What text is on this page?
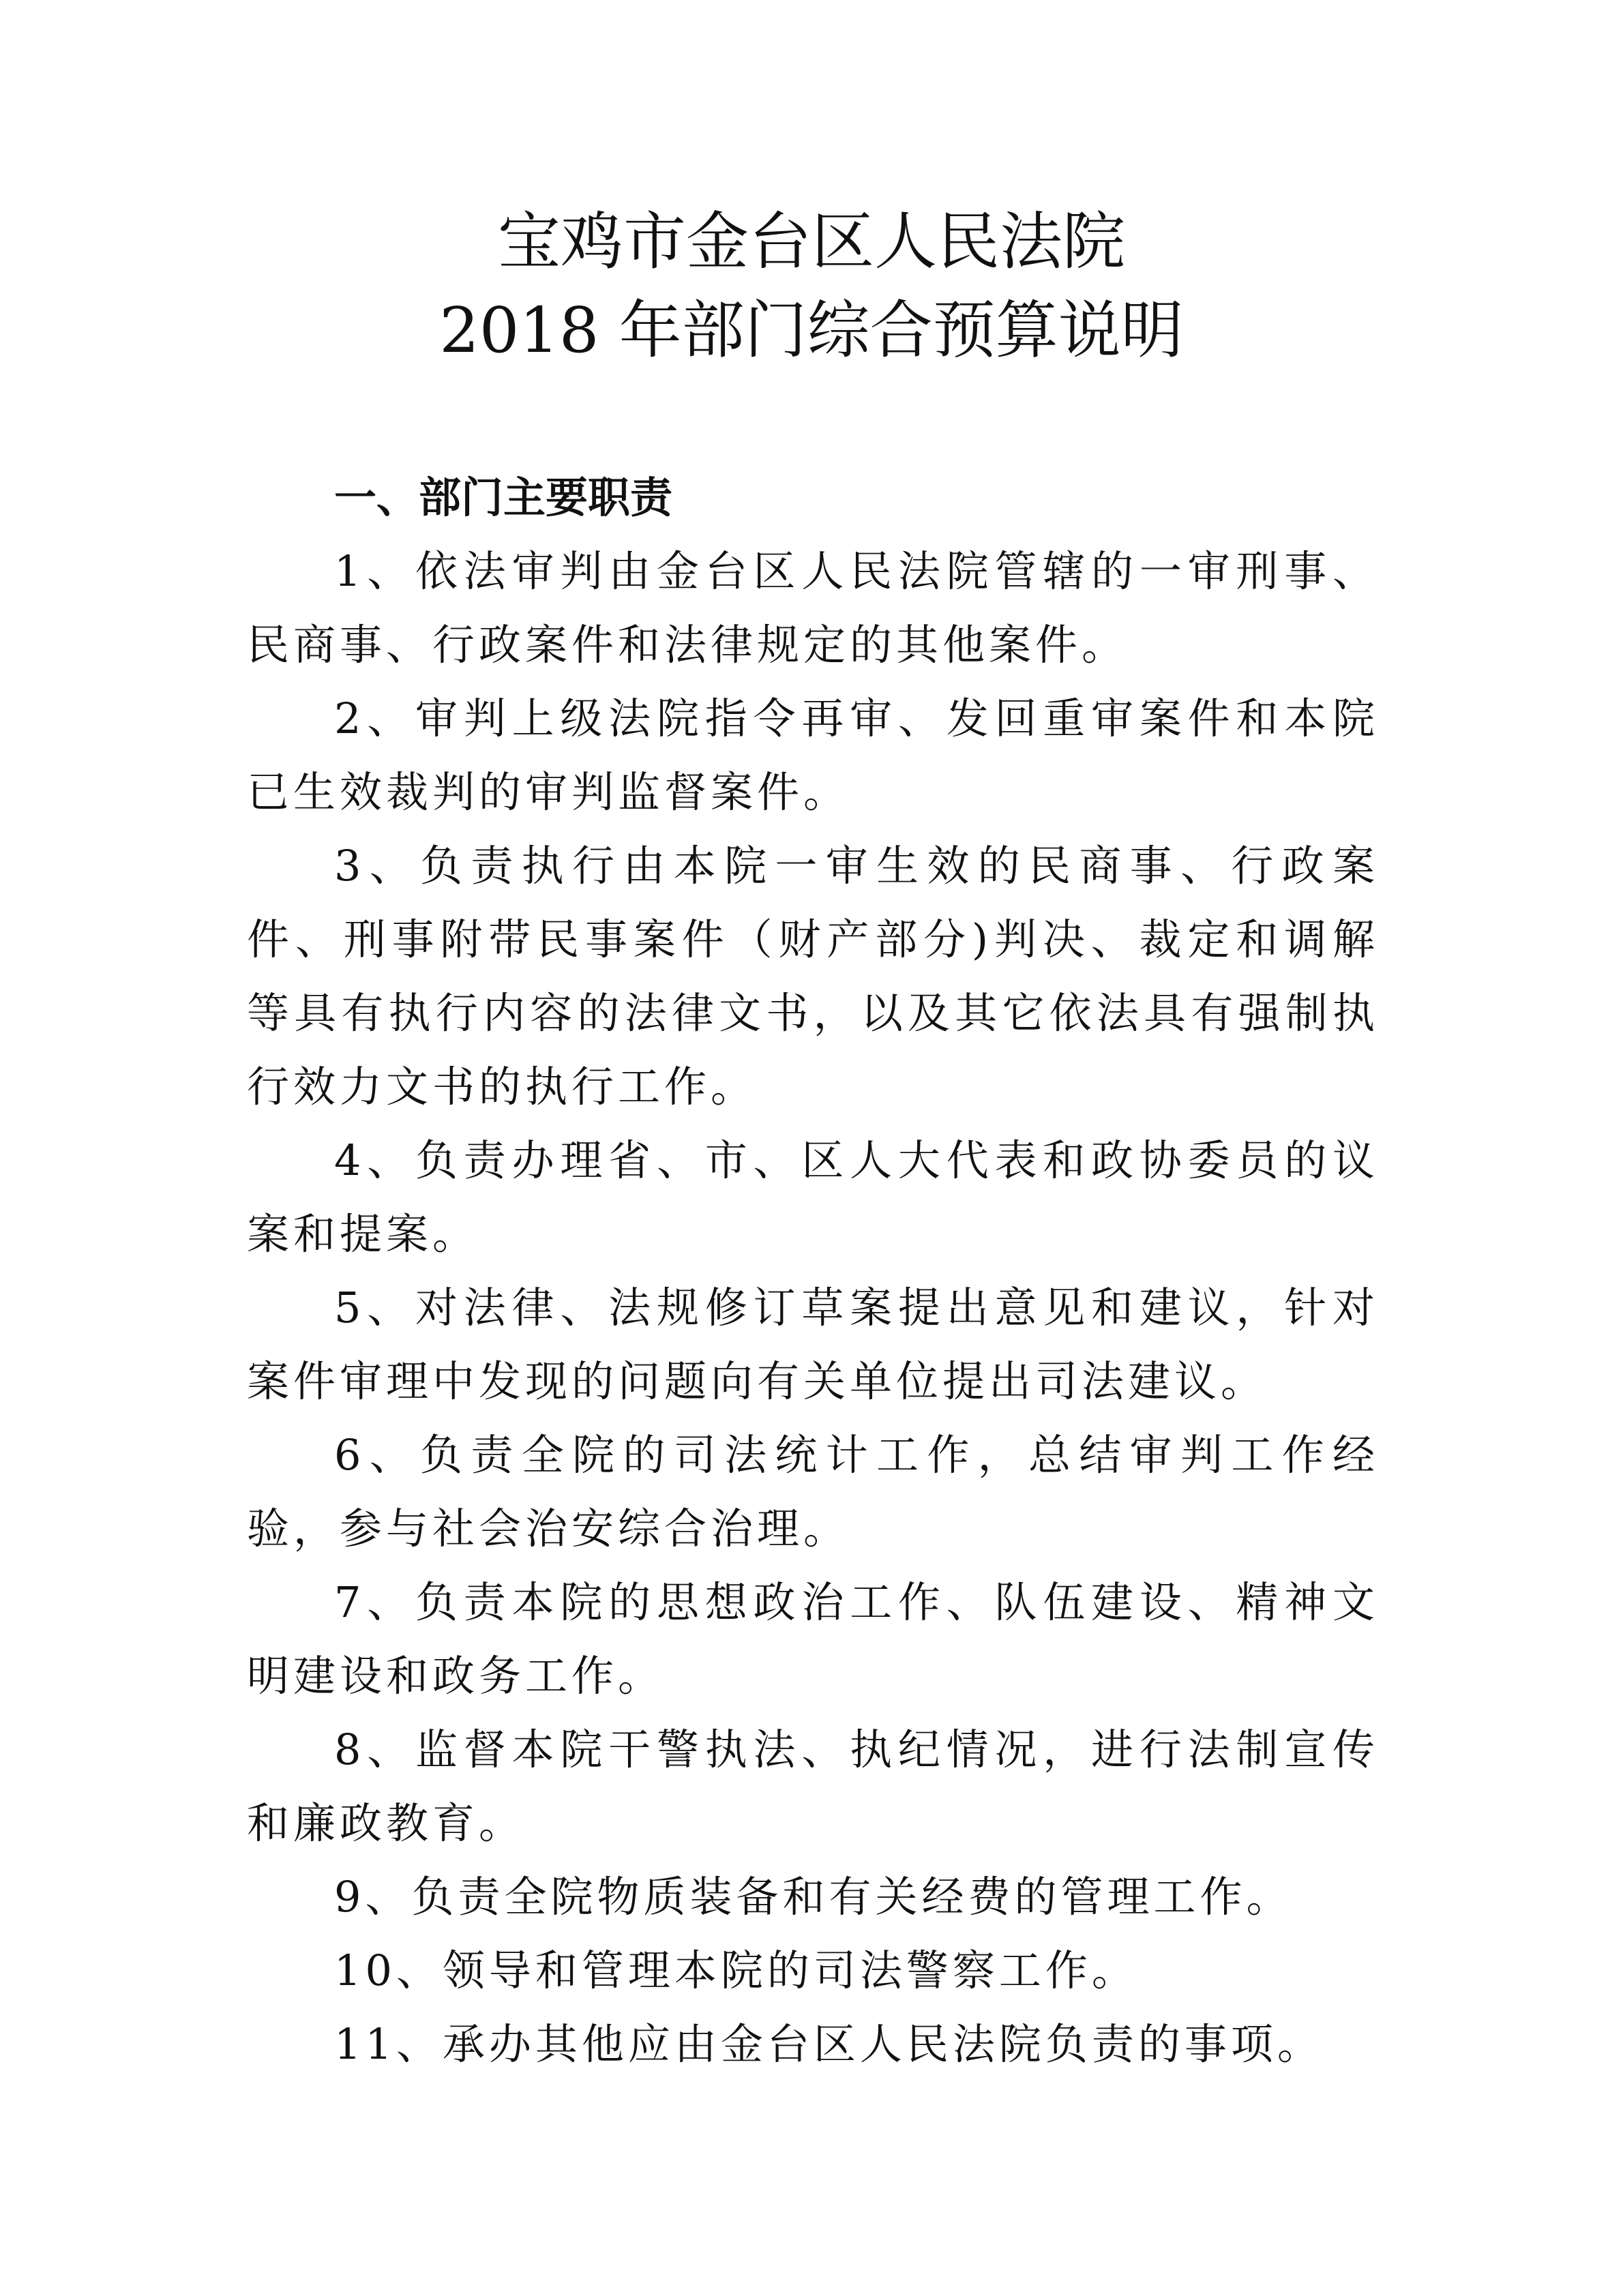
宝鸡市金台区人民法院
2018 年部门综合预算说明

一、部门主要职责

1、依法审判由金台区人民法院管辖的一审刑事、民商事、行政案件和法律规定的其他案件。

2、审判上级法院指令再审、发回重审案件和本院已生效裁判的审判监督案件。

3、负责执行由本院一审生效的民商事、行政案件、刑事附带民事案件（财产部分)判决、裁定和调解等具有执行内容的法律文书，以及其它依法具有强制执行效力文书的执行工作。

4、负责办理省、市、区人大代表和政协委员的议案和提案。

5、对法律、法规修订草案提出意见和建议，针对案件审理中发现的问题向有关单位提出司法建议。

6、负责全院的司法统计工作，总结审判工作经验，参与社会治安综合治理。

7、负责本院的思想政治工作、队伍建设、精神文明建设和政务工作。

8、监督本院干警执法、执纪情况，进行法制宣传和廉政教育。

9、负责全院物质装备和有关经费的管理工作。

10、领导和管理本院的司法警察工作。

11、承办其他应由金台区人民法院负责的事项。
